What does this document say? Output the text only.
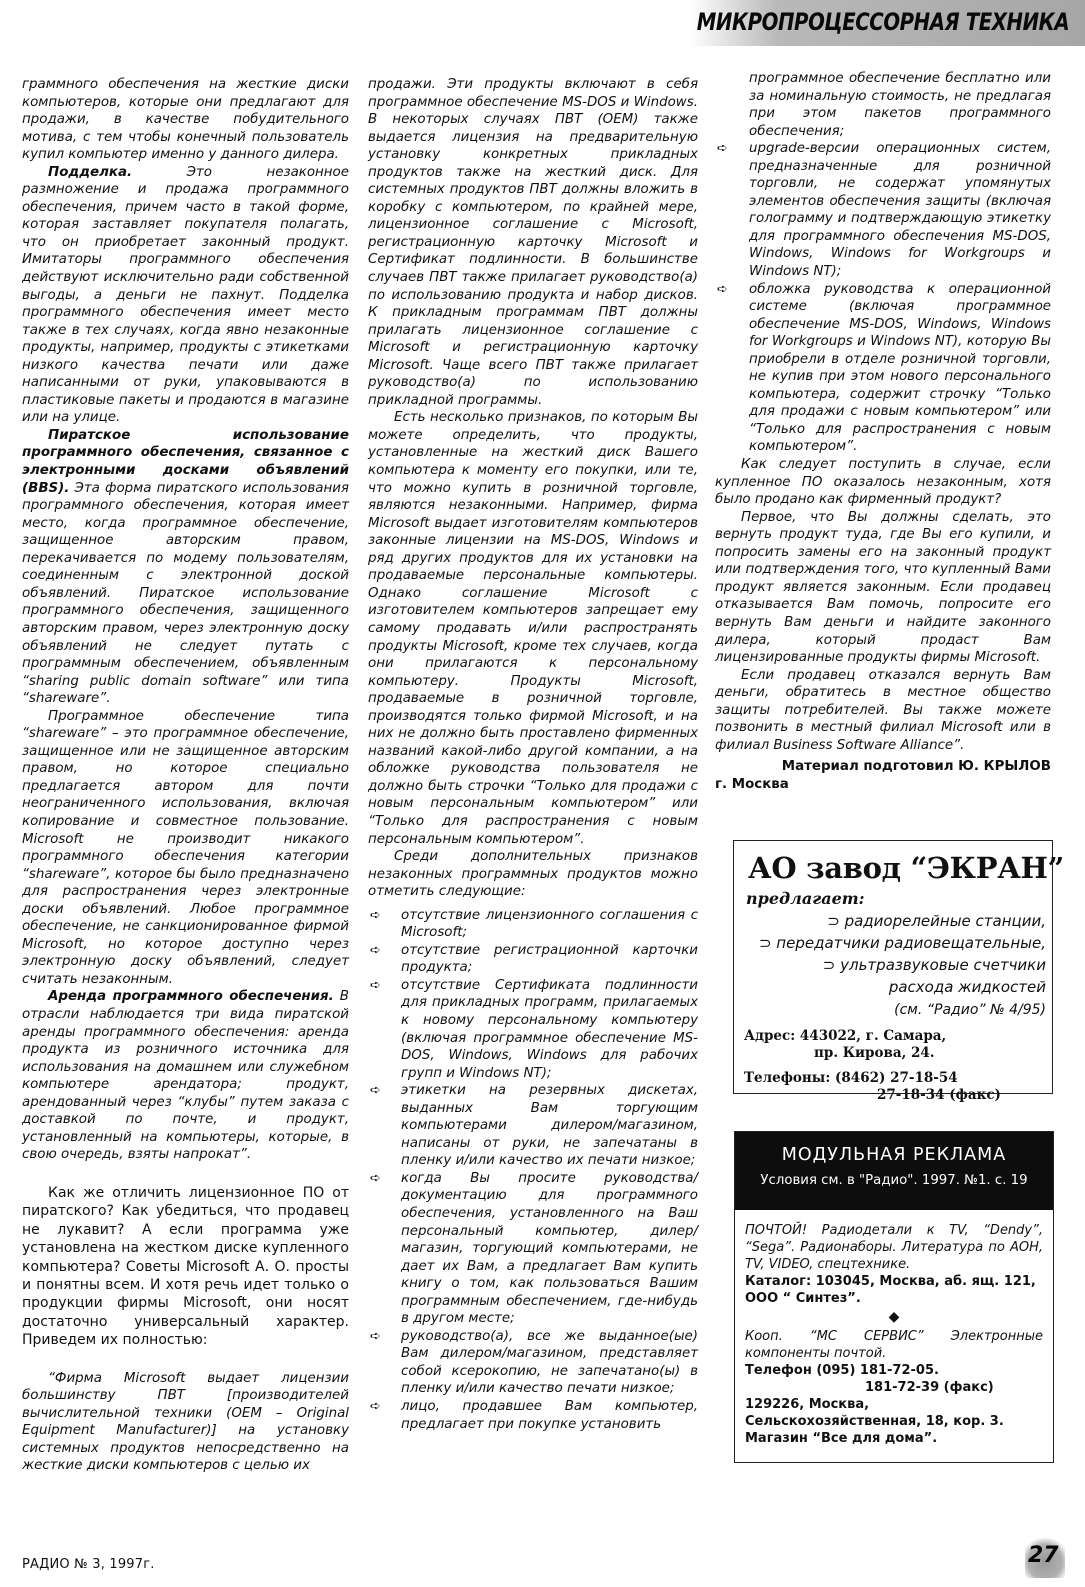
МИКРОПРОЦЕССОРНАЯ ТЕХНИКА

граммного обеспечения на жесткие диски компьютеров, которые они предлагают для продажи, в качестве побудительного мотива, с тем чтобы конечный пользователь купил компьютер именно у данного дилера.

Подделка. Это незаконное размножение и продажа программного обеспечения, причем часто в такой форме, которая заставляет покупателя полагать, что он приобретает законный продукт. Имитаторы программного обеспечения действуют исключительно ради собственной выгоды, а деньги не пахнут. Подделка программного обеспечения имеет место также в тех случаях, когда явно незаконные продукты, например, продукты с этикетками низкого качества печати или даже написанными от руки, упаковываются в пластиковые пакеты и продаются в магазине или на улице.

Пиратское использование программного обеспечения, связанное с электронными досками объявлений (BBS). Эта форма пиратского использования программного обеспечения, которая имеет место, когда программное обеспечение, защищенное авторским правом, перекачивается по модему пользователям, соединенным с электронной доской объявлений. Пиратское использование программного обеспечения, защищенного авторским правом, через электронную доску объявлений не следует путать с программным обеспечением, объявленным “sharing public domain software” или типа “shareware”.

Программное обеспечение типа “shareware” – это программное обеспечение, защищенное или не защищенное авторским правом, но которое специально предлагается автором для почти неограниченного использования, включая копирование и совместное пользование. Microsoft не производит никакого программного обеспечения категории “shareware”, которое бы было предназначено для распространения через электронные доски объявлений. Любое программное обеспечение, не санкционированное фирмой Microsoft, но которое доступно через электронную доску объявлений, следует считать незаконным.

Аренда программного обеспечения. В отрасли наблюдается три вида пиратской аренды программного обеспечения: аренда продукта из розничного источника для использования на домашнем или служебном компьютере арендатора; продукт, арендованный через “клубы” путем заказа с доставкой по почте, и продукт, установленный на компьютеры, которые, в свою очередь, взяты напрокат”.

Как же отличить лицензионное ПО от пиратского? Как убедиться, что продавец не лукавит? А если программа уже установлена на жестком диске купленного компьютера? Советы Microsoft А. О. просты и понятны всем. И хотя речь идет только о продукции фирмы Microsoft, они носят достаточно универсальный характер. Приведем их полностью:

“Фирма Microsoft выдает лицензии большинству ПВТ [производителей вычислительной техники (OEM – Original Equipment Manufacturer)] на установку системных продуктов непосредственно на жесткие диски компьютеров с целью их

продажи. Эти продукты включают в себя программное обеспечение MS-DOS и Windows. В некоторых случаях ПВТ (OEM) также выдается лицензия на предварительную установку конкретных прикладных продуктов также на жесткий диск. Для системных продуктов ПВТ должны вложить в коробку с компьютером, по крайней мере, лицензионное соглашение с Microsoft, регистрационную карточку Microsoft и Сертификат подлинности. В большинстве случаев ПВТ также прилагает руководство(а) по использованию продукта и набор дисков. К прикладным программам ПВТ должны прилагать лицензионное соглашение с Microsoft и регистрационную карточку Microsoft. Чаще всего ПВТ также прилагает руководство(а) по использованию прикладной программы.

Есть несколько признаков, по которым Вы можете определить, что продукты, установленные на жесткий диск Вашего компьютера к моменту его покупки, или те, что можно купить в розничной торговле, являются незаконными. Например, фирма Microsoft выдает изготовителям компьютеров законные лицензии на MS-DOS, Windows и ряд других продуктов для их установки на продаваемые персональные компьютеры. Однако соглашение Microsoft с изготовителем компьютеров запрещает ему самому продавать и/или распространять продукты Microsoft, кроме тех случаев, когда они прилагаются к персональному компьютеру. Продукты Microsoft, продаваемые в розничной торговле, производятся только фирмой Microsoft, и на них не должно быть проставлено фирменных названий какой-либо другой компании, а на обложке руководства пользователя не должно быть строчки “Только для продажи с новым персональным компьютером” или “Только для распространения с новым персональным компьютером”.

Среди дополнительных признаков незаконных программных продуктов можно отметить следующие:

➪ отсутствие лицензионного соглашения с Microsoft;
➪ отсутствие регистрационной карточки продукта;
➪ отсутствие Сертификата подлинности для прикладных программ, прилагаемых к новому персональному компьютеру (включая программное обеспечение MS-DOS, Windows, Windows для рабочих групп и Windows NT);
➪ этикетки на резервных дискетах, выданных Вам торгующим компьютерами дилером/магазином, написаны от руки, не запечатаны в пленку и/или качество их печати низкое;
➪ когда Вы просите руководства/документацию для программного обеспечения, установленного на Ваш персональный компьютер, дилер/магазин, торгующий компьютерами, не дает их Вам, а предлагает Вам купить книгу о том, как пользоваться Вашим программным обеспечением, где-нибудь в другом месте;
➪ руководство(а), все же выданное(ые) Вам дилером/магазином, представляет собой ксерокопию, не запечатано(ы) в пленку и/или качество печати низкое;
➪ лицо, продавшее Вам компьютер, предлагает при покупке установить
программное обеспечение бесплатно или за номинальную стоимость, не предлагая при этом пакетов программного обеспечения;
➪ upgrade-версии операционных систем, предназначенные для розничной торговли, не содержат упомянутых элементов обеспечения защиты (включая голограмму и подтверждающую этикетку для программного обеспечения MS-DOS, Windows, Windows for Workgroups и Windows NT);
➪ обложка руководства к операционной системе (включая программное обеспечение MS-DOS, Windows, Windows for Workgroups и Windows NT), которую Вы приобрели в отделе розничной торговли, не купив при этом нового персонального компьютера, содержит строчку “Только для продажи с новым компьютером” или “Только для распространения с новым компьютером”.

Как следует поступить в случае, если купленное ПО оказалось незаконным, хотя было продано как фирменный продукт?

Первое, что Вы должны сделать, это вернуть продукт туда, где Вы его купили, и попросить замены его на законный продукт или подтверждения того, что купленный Вами продукт является законным. Если продавец отказывается Вам помочь, попросите его вернуть Вам деньги и найдите законного дилера, который продаст Вам лицензированные продукты фирмы Microsoft.

Если продавец отказался вернуть Вам деньги, обратитесь в местное общество защиты потребителей. Вы также можете позвонить в местный филиал Microsoft или в филиал Business Software Alliance”.

Материал подготовил Ю. КРЫЛОВ
г. Москва
АО завод “ЭКРАН”
предлагает:
⊃ радиорелейные станции,
⊃ передатчики радиовещательные,
⊃ ультразвуковые счетчики
расхода жидкостей
(см. “Радио” № 4/95)
Адрес: 443022, г. Самара,
пр. Кирова, 24.
Телефоны: (8462) 27-18-54
27-18-34 (факс)
МОДУЛЬНАЯ РЕКЛАМА
Условия см. в "Радио". 1997. №1. с. 19
ПОЧТОЙ! Радиодетали к TV, “Dendy”, “Sega”. Радионаборы. Литература по АОН, TV, VIDEO, спецтехнике.
Каталог: 103045, Москва, аб. ящ. 121, ООО “ Синтез”.
◆
Кооп. “МС СЕРВИС” Электронные компоненты почтой.
Телефон (095) 181-72-05.
181-72-39 (факс)
129226, Москва,
Сельскохозяйственная, 18, кор. 3.
Магазин “Все для дома”.
РАДИО № 3, 1997г.	27
